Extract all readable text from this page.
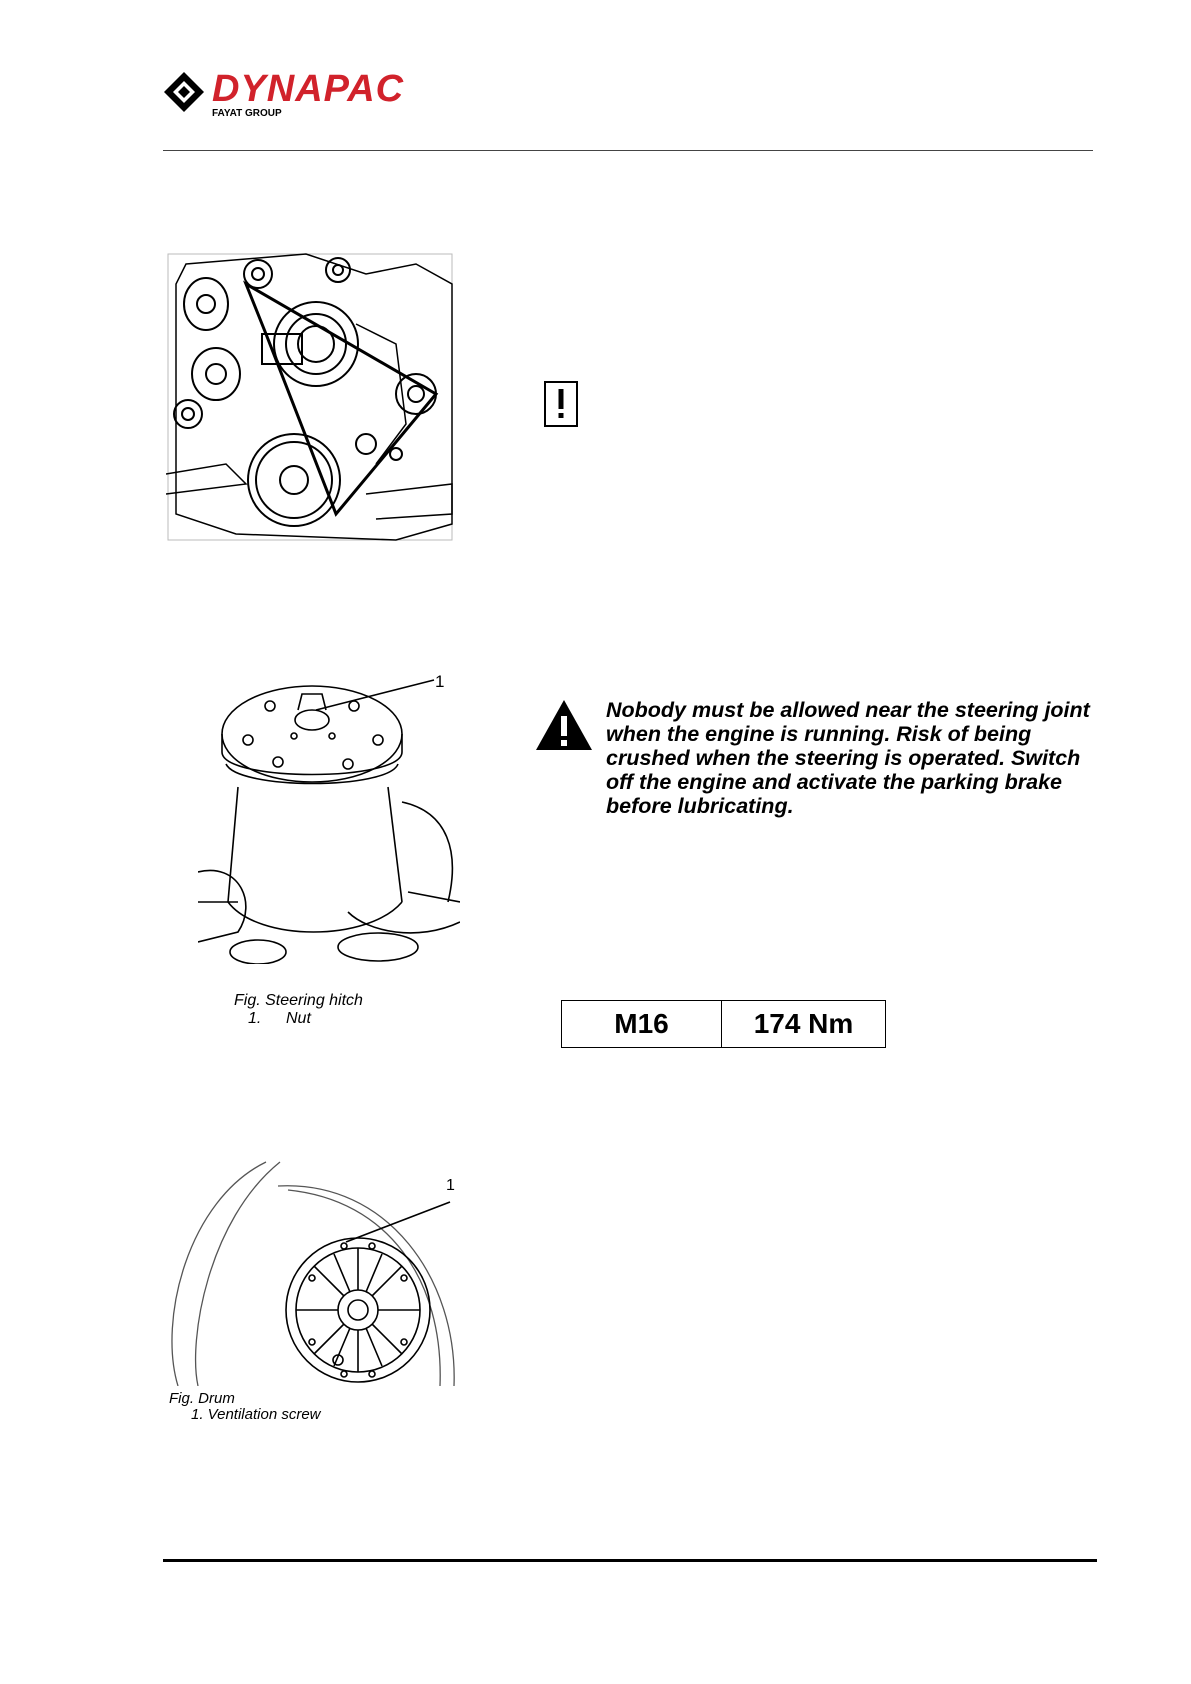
DYNAPAC
FAYAT GROUP
1
Fig. Steering hitch
1. Nut
Nobody must be allowed near the steering joint when the engine is running. Risk of being crushed when the steering is operated. Switch off the engine and activate the parking brake before lubricating.
M16	174 Nm
1
Fig. Drum
1. Ventilation screw
